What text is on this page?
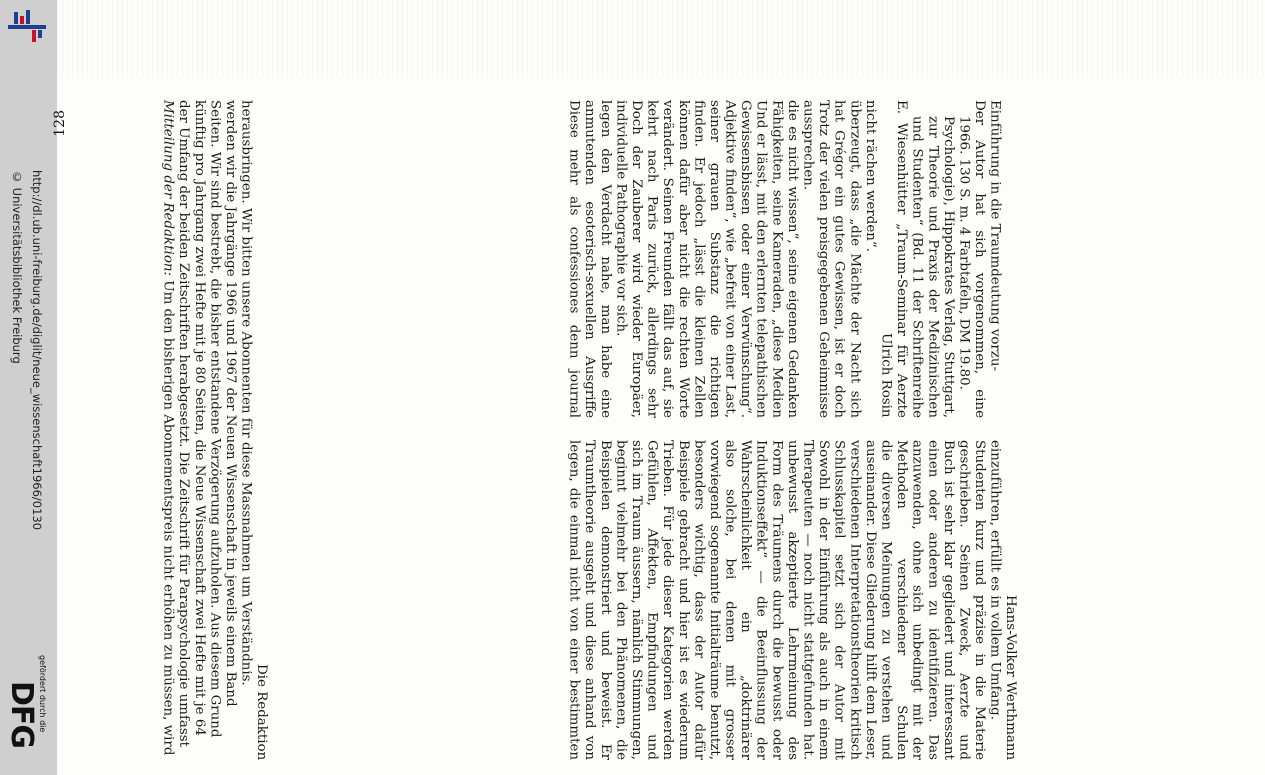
http://dl.ub.uni-freiburg.de/diglit/neue_wissenschaft1966/0130
© Universitätsbibliothek Freiburg
gefördert durch die
DFG

Diese mehr als confessiones denn journal anmutenden esoterisch-sexuellen Ausgriffe legen den Verdacht nahe, man habe eine individuelle Pathographie vor sich. Doch der Zauberer wird wieder Europäer, kehrt nach Paris zurück, allerdings sehr verändert. Seinen Freunden fällt das auf, sie können dafür aber nicht die rechten Worte finden. Er jedoch „lässt die kleinen Zellen seiner grauen Substanz die richtigen Adjektive finden“, wie „befreit von einer Last, Gewissensbissen oder einer Verwünschung“. Und er lässt, mit den erlernten telepathischen Fähigkeiten, seine Kameraden, „diese Medien die es nicht wissen“, seine eigenen Gedanken aussprechen. Trotz der vielen preisgegebenen Geheimnisse hat Grégor ein gutes Gewissen, ist er doch überzeugt, dass „die Mächte der Nacht sich nicht rächen werden“.

Ulrich Rosin E. Wiesenhütter „Traum-Seminar für Aerzte und Studenten“ (Bd. 11 der Schriftenreihe zur Theorie und Praxis der Medizinischen Psychologie), Hippokrates Verlag, Stuttgart, 1966. 130 S. m. 4 Farbtafeln, DM 19.80. Der Autor hat sich vorgenommen, eine Einführung in die Traumdeutung vorzu-

legen, die einmal nicht von einer bestimmten Traumtheorie ausgeht und diese anhand von Beispielen demonstriert und beweist. Er beginnt vielmehr bei den Phänomenen, die sich im Traum äussern, nämlich Stimmungen, Gefühlen, Affekten, Empfindungen und Trieben. Für jede dieser Kategorien werden Beispiele gebracht und hier ist es wiederum besonders wichtig, dass der Autor dafür vorwiegend sogenannte Initialträume benutzt, also solche, bei denen mit grosser Wahrscheinlichkeit ein „doktrinärer Induktionseffekt“ — die Beeinflussung der Form des Träumens durch die bewusst oder unbewusst akzeptierte Lehrmeinung des Therapeuten — noch nicht stattgefunden hat. Sowohl in der Einführung als auch in einem Schlusskapitel setzt sich der Autor mit verschiedenen Interpretationstheorien kritisch auseinander. Diese Gliederung hilft dem Leser, die diversen Meinungen zu verstehen und Methoden verschiedener Schulen anzuwenden, ohne sich unbedingt mit der einen oder anderen zu identifizieren. Das Buch ist sehr klar gegliedert und interessant geschrieben. Seinen Zweck, Aerzte und Studenten kurz und präzise in die Materie einzuführen, erfüllt es in vollem Umfang. Hans-Volker Werthmann

Mitteilung der Redaktion: Um den bisherigen Abonnementspreis nicht erhöhen zu müssen, wird der Umfang der beiden Zeitschriften herabgesetzt. Die Zeitschrift für Parapsychologie umfasst künftig pro Jahrgang zwei Hefte mit je 80 Seiten, die Neue Wissenschaft zwei Hefte mit je 64 Seiten. Wir sind bestrebt, die bisher entstandene Verzögerung aufzuholen. Aus diesem Grund werden wir die Jahrgänge 1966 und 1967 der Neuen Wissenschaft in jeweils einem Band herausbringen. Wir bitten unsere Abonnenten für diese Massnahmen um Verständnis.
Die Redaktion
128
